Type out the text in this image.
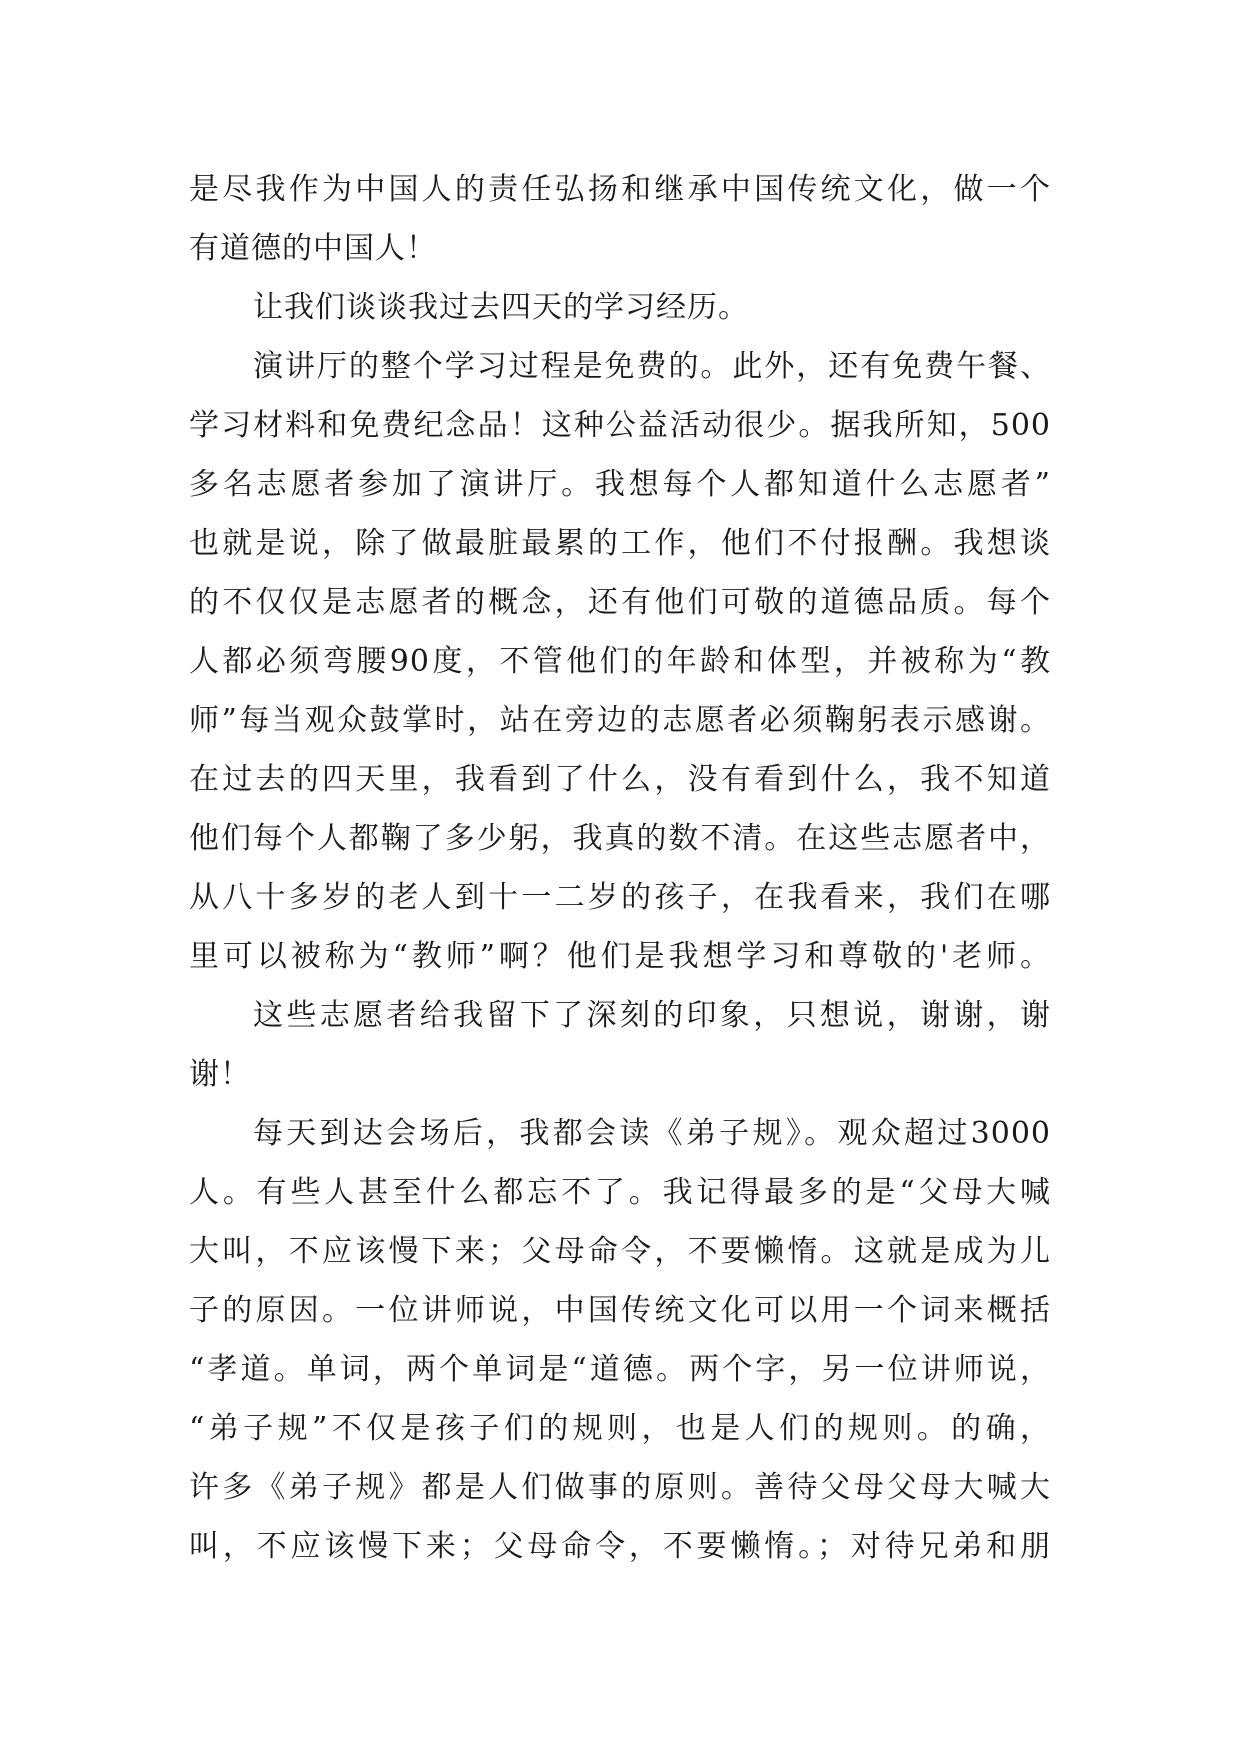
是尽我作为中国人的责任弘扬和继承中国传统文化，做一个
有道德的中国人！
让我们谈谈我过去四天的学习经历。
演讲厅的整个学习过程是免费的。此外，还有免费午餐、
学习材料和免费纪念品！这种公益活动很少。据我所知，500
多名志愿者参加了演讲厅。我想每个人都知道什么志愿者”
也就是说，除了做最脏最累的工作，他们不付报酬。我想谈
的不仅仅是志愿者的概念，还有他们可敬的道德品质。每个
人都必须弯腰90度，不管他们的年龄和体型，并被称为“教
师”每当观众鼓掌时，站在旁边的志愿者必须鞠躬表示感谢。
在过去的四天里，我看到了什么，没有看到什么，我不知道
他们每个人都鞠了多少躬，我真的数不清。在这些志愿者中，
从八十多岁的老人到十一二岁的孩子，在我看来，我们在哪
里可以被称为“教师”啊？他们是我想学习和尊敬的'老师。
这些志愿者给我留下了深刻的印象，只想说，谢谢，谢
谢！
每天到达会场后，我都会读《弟子规》。观众超过3000
人。有些人甚至什么都忘不了。我记得最多的是“父母大喊
大叫，不应该慢下来；父母命令，不要懒惰。这就是成为儿
子的原因。一位讲师说，中国传统文化可以用一个词来概括
“孝道。单词，两个单词是“道德。两个字，另一位讲师说，
“弟子规”不仅是孩子们的规则，也是人们的规则。的确，
许多《弟子规》都是人们做事的原则。善待父母父母大喊大
叫，不应该慢下来；父母命令，不要懒惰。；对待兄弟和朋
